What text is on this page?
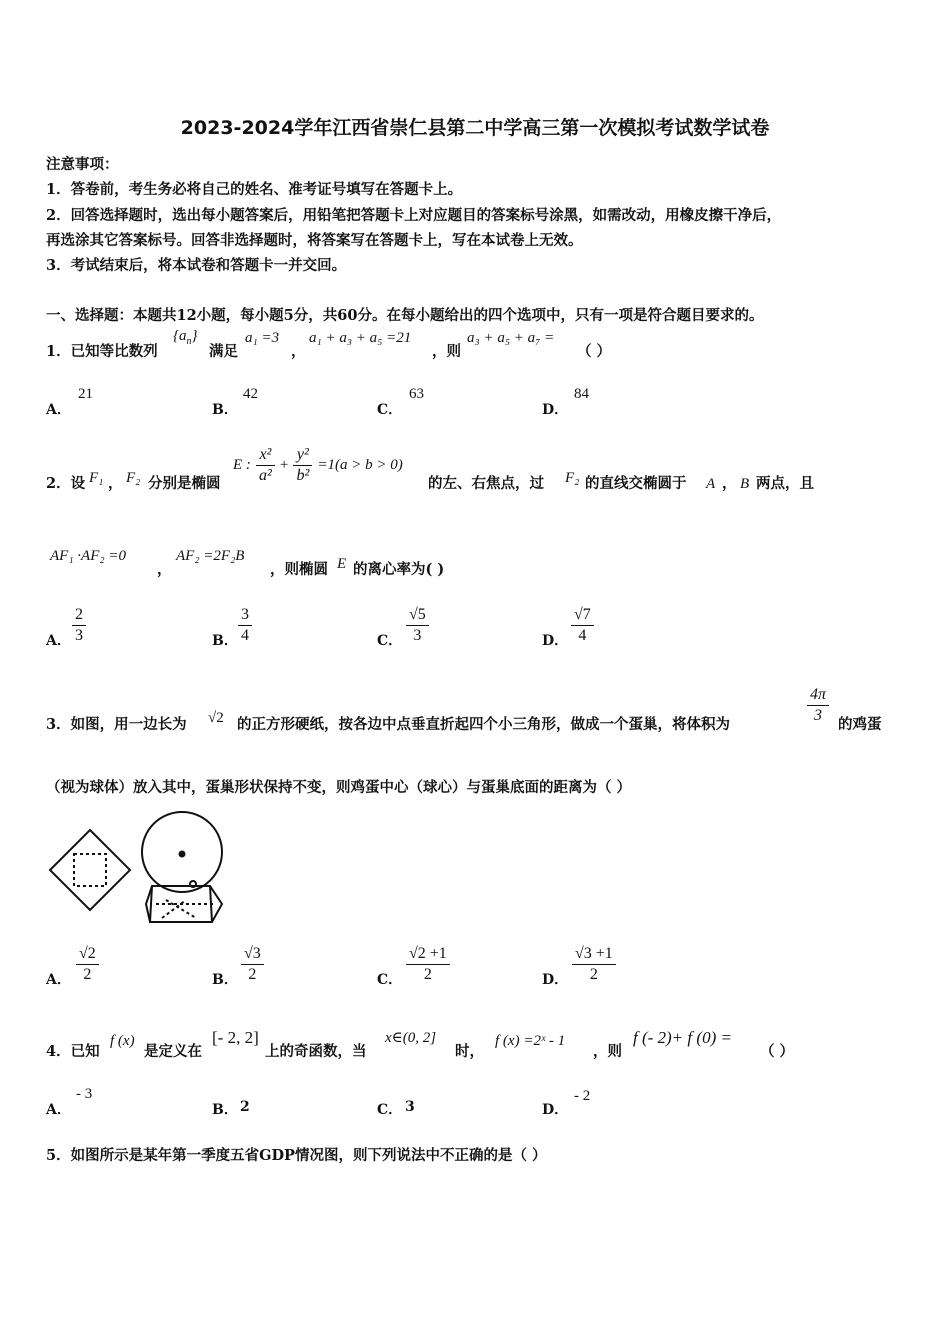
2023-2024学年江西省崇仁县第二中学高三第一次模拟考试数学试卷
注意事项：
1．答卷前，考生务必将自己的姓名、准考证号填写在答题卡上。
2．回答选择题时，选出每小题答案后，用铅笔把答题卡上对应题目的答案标号涂黑，如需改动，用橡皮擦干净后，
再选涂其它答案标号。回答非选择题时，将答案写在答题卡上，写在本试卷上无效。
3．考试结束后，将本试卷和答题卡一并交回。
一、选择题：本题共12小题，每小题5分，共60分。在每小题给出的四个选项中，只有一项是符合题目要求的。
1．已知等比数列
$\{a_n\}$
满足
a₁ =3
，
a₁ + a₃ + a₅ =21
，则
a₃ + a₅ + a₇ =
（ ）
A．
21
B．
42
C．
63
D．
84
2．设 F₁ ， F₂ 分别是椭圆
E : $\frac{\text{x²}}{\text{a²}} + \frac{\text{y²}}{\text{b²}} =1(a > b > 0)$
的左、右焦点，过 F₂ 的直线交椭圆于 A ， B 两点，且
AF₁ ·AF₂ =0
，
AF₂ =2F₂B
，则椭圆 E 的离心率为( )
A． $\frac{2}{3}$	B． $\frac{3}{4}$	C． $\frac{√5}{3}$	D． $\frac{√7}{4}$
3．如图，用一边长为 √2 的正方形硬纸，按各边中点垂直折起四个小三角形，做成一个蛋巢，将体积为	$\frac{4\pi}{3}$ 的鸡蛋
（视为球体）放入其中，蛋巢形状保持不变，则鸡蛋中心（球心）与蛋巢底面的距离为（ ）
A． $\frac{√2}{2}$	B． $\frac{√3}{2}$	C． $\frac{√2 +1}{2}$	D． $\frac{√3 +1}{2}$
4．已知
f (x)
是定义在
[- 2, 2]
上的奇函数，当
x∈(0, 2]
时，
f (x) =2ˣ - 1
，则
f (- 2)+ f (0) =
（ ）
A．
- 3
B． 2	C． 3	D．
- 2
5．如图所示是某年第一季度五省GDP情况图，则下列说法中不正确的是（ ）
